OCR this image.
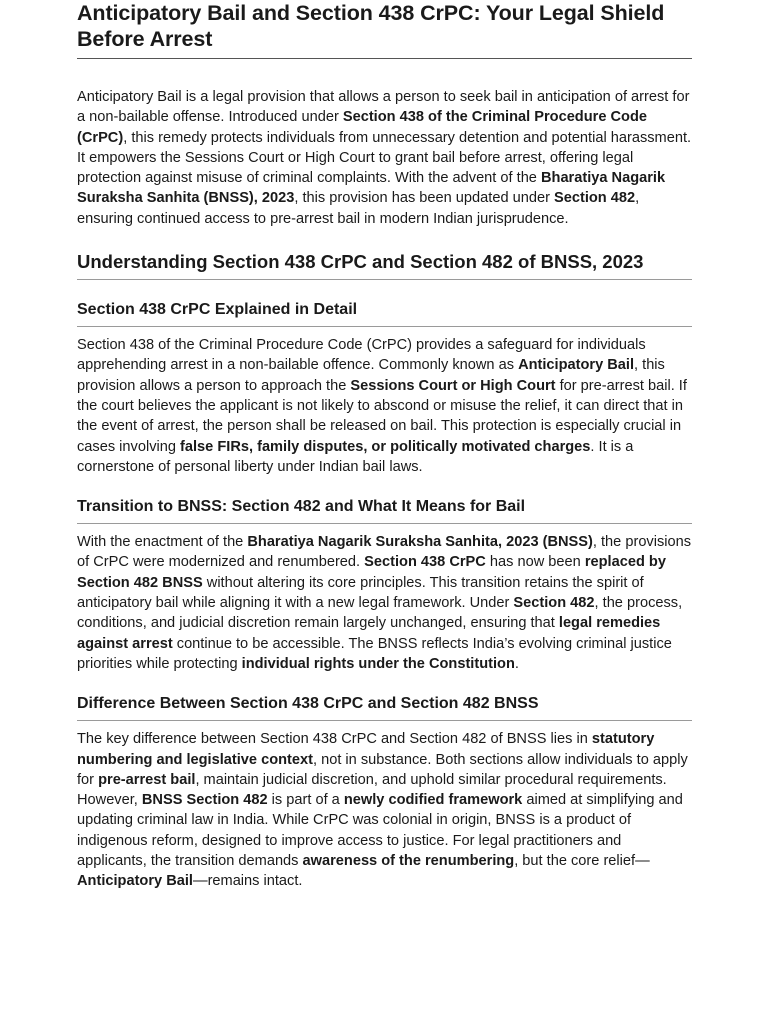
Anticipatory Bail and Section 438 CrPC: Your Legal Shield Before Arrest

Anticipatory Bail is a legal provision that allows a person to seek bail in anticipation of arrest for a non-bailable offense. Introduced under Section 438 of the Criminal Procedure Code (CrPC), this remedy protects individuals from unnecessary detention and potential harassment. It empowers the Sessions Court or High Court to grant bail before arrest, offering legal protection against misuse of criminal complaints. With the advent of the Bharatiya Nagarik Suraksha Sanhita (BNSS), 2023, this provision has been updated under Section 482, ensuring continued access to pre-arrest bail in modern Indian jurisprudence.

Understanding Section 438 CrPC and Section 482 of BNSS, 2023
Section 438 CrPC Explained in Detail

Section 438 of the Criminal Procedure Code (CrPC) provides a safeguard for individuals apprehending arrest in a non-bailable offence. Commonly known as Anticipatory Bail, this provision allows a person to approach the Sessions Court or High Court for pre-arrest bail. If the court believes the applicant is not likely to abscond or misuse the relief, it can direct that in the event of arrest, the person shall be released on bail. This protection is especially crucial in cases involving false FIRs, family disputes, or politically motivated charges. It is a cornerstone of personal liberty under Indian bail laws.

Transition to BNSS: Section 482 and What It Means for Bail

With the enactment of the Bharatiya Nagarik Suraksha Sanhita, 2023 (BNSS), the provisions of CrPC were modernized and renumbered. Section 438 CrPC has now been replaced by Section 482 BNSS without altering its core principles. This transition retains the spirit of anticipatory bail while aligning it with a new legal framework. Under Section 482, the process, conditions, and judicial discretion remain largely unchanged, ensuring that legal remedies against arrest continue to be accessible. The BNSS reflects India’s evolving criminal justice priorities while protecting individual rights under the Constitution.

Difference Between Section 438 CrPC and Section 482 BNSS

The key difference between Section 438 CrPC and Section 482 of BNSS lies in statutory numbering and legislative context, not in substance. Both sections allow individuals to apply for pre-arrest bail, maintain judicial discretion, and uphold similar procedural requirements. However, BNSS Section 482 is part of a newly codified framework aimed at simplifying and updating criminal law in India. While CrPC was colonial in origin, BNSS is a product of indigenous reform, designed to improve access to justice. For legal practitioners and applicants, the transition demands awareness of the renumbering, but the core relief—Anticipatory Bail—remains intact.
